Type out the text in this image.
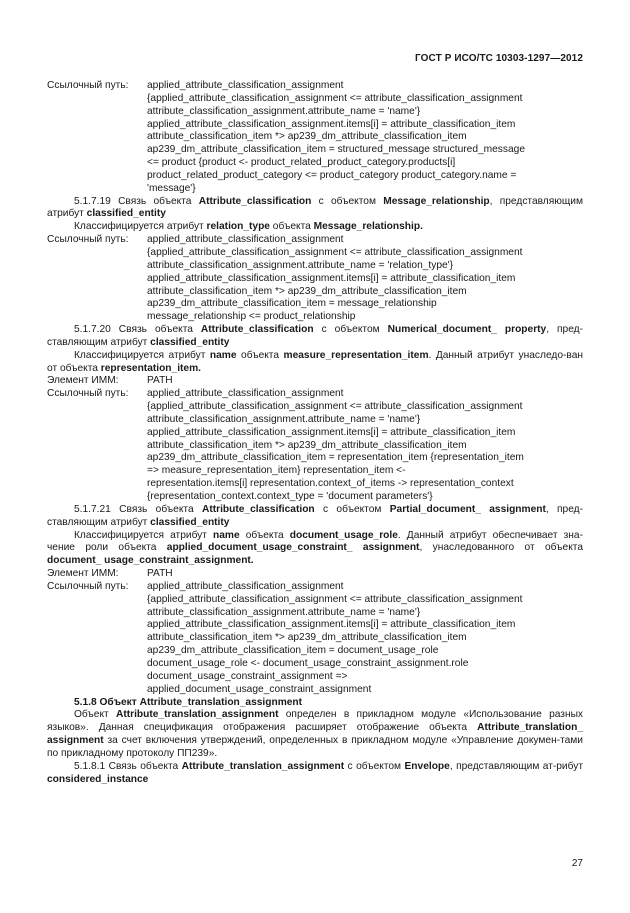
ГОСТ Р ИСО/ТС 10303-1297—2012
Ссылочный путь:	applied_attribute_classification_assignment
{applied_attribute_classification_assignment <= attribute_classification_assignment
attribute_classification_assignment.attribute_name = 'name'}
applied_attribute_classification_assignment.items[i] = attribute_classification_item
attribute_classification_item *> ap239_dm_attribute_classification_item
ap239_dm_attribute_classification_item = structured_message structured_message
<= product {product <- product_related_product_category.products[i]
product_related_product_category <= product_category product_category.name =
'message'}

5.1.7.19 Связь объекта Attribute_classification с объектом Message_relationship, представляющим атрибут classified_entity

Классифицируется атрибут relation_type объекта Message_relationship.

Ссылочный путь:	applied_attribute_classification_assignment
{applied_attribute_classification_assignment <= attribute_classification_assignment
attribute_classification_assignment.attribute_name = 'relation_type'}
applied_attribute_classification_assignment.items[i] = attribute_classification_item
attribute_classification_item *> ap239_dm_attribute_classification_item
ap239_dm_attribute_classification_item = message_relationship
message_relationship <= product_relationship

5.1.7.20 Связь объекта Attribute_classification с объектом Numerical_document_ property, пред-ставляющим атрибут classified_entity

Классифицируется атрибут name объекта measure_representation_item. Данный атрибут унаследо-ван от объекта representation_item.

Элемент ИММ:	PATH
Ссылочный путь:	applied_attribute_classification_assignment
{applied_attribute_classification_assignment <= attribute_classification_assignment
attribute_classification_assignment.attribute_name = 'name'}
applied_attribute_classification_assignment.items[i] = attribute_classification_item
attribute_classification_item *> ap239_dm_attribute_classification_item
ap239_dm_attribute_classification_item = representation_item {representation_item
=> measure_representation_item} representation_item <-
representation.items[i] representation.context_of_items -> representation_context
{representation_context.context_type = 'document parameters'}

5.1.7.21 Связь объекта Attribute_classification с объектом Partial_document_ assignment, пред-ставляющим атрибут classified_entity

Классифицируется атрибут name объекта document_usage_role. Данный атрибут обеспечивает зна-чение роли объекта applied_document_usage_constraint_ assignment, унаследованного от объекта document_ usage_constraint_assignment.

Элемент ИММ:	PATH
Ссылочный путь:	applied_attribute_classification_assignment
{applied_attribute_classification_assignment <= attribute_classification_assignment
attribute_classification_assignment.attribute_name = 'name'}
applied_attribute_classification_assignment.items[i] = attribute_classification_item
attribute_classification_item *> ap239_dm_attribute_classification_item
ap239_dm_attribute_classification_item = document_usage_role
document_usage_role <- document_usage_constraint_assignment.role
document_usage_constraint_assignment =>
applied_document_usage_constraint_assignment

5.1.8 Объект Attribute_translation_assignment

Объект Attribute_translation_assignment определен в прикладном модуле «Использование разных языков». Данная спецификация отображения расширяет отображение объекта Attribute_translation_ assignment за счет включения утверждений, определенных в прикладном модуле «Управление докумен-тами по прикладному протоколу ПП239».

5.1.8.1 Связь объекта Attribute_translation_assignment с объектом Envelope, представляющим ат-рибут considered_instance

27
